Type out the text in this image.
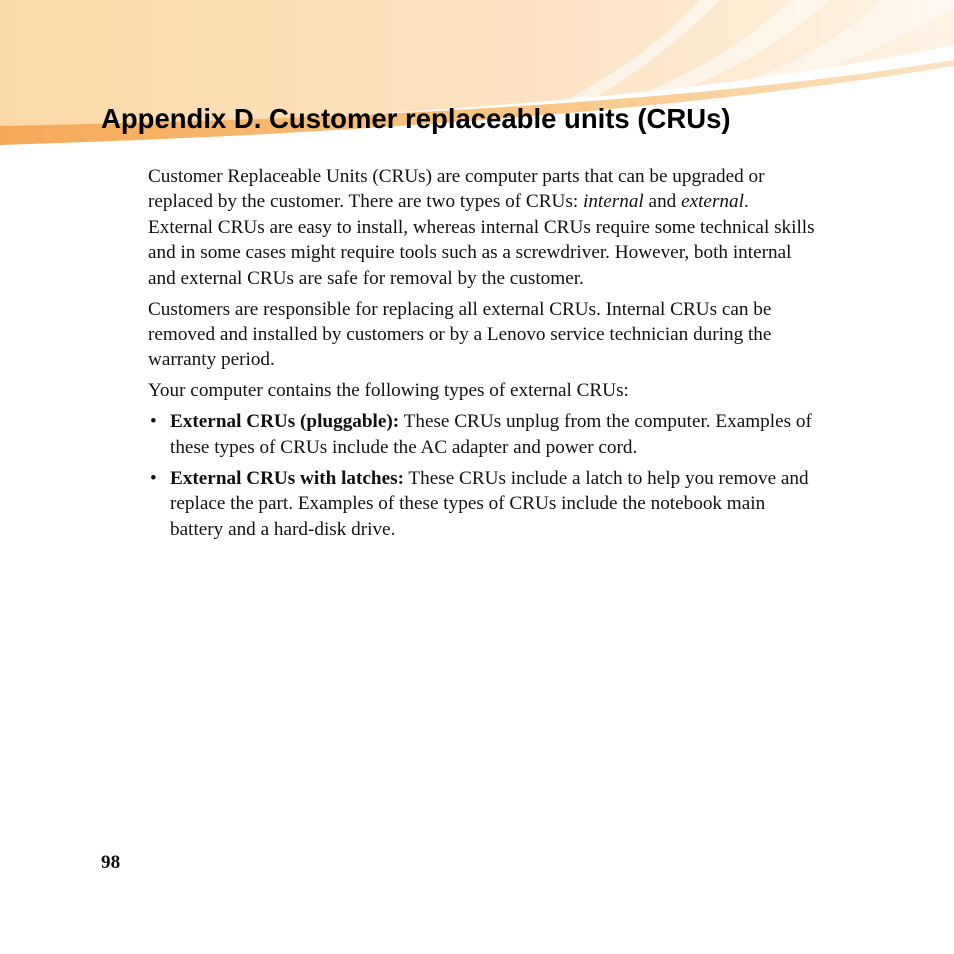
Appendix D. Customer replaceable units (CRUs)

Customer Replaceable Units (CRUs) are computer parts that can be upgraded or replaced by the customer. There are two types of CRUs: internal and external. External CRUs are easy to install, whereas internal CRUs require some technical skills and in some cases might require tools such as a screwdriver. However, both internal and external CRUs are safe for removal by the customer.

Customers are responsible for replacing all external CRUs. Internal CRUs can be removed and installed by customers or by a Lenovo service technician during the warranty period.

Your computer contains the following types of external CRUs:

• External CRUs (pluggable): These CRUs unplug from the computer. Examples of these types of CRUs include the AC adapter and power cord.
• External CRUs with latches: These CRUs include a latch to help you remove and replace the part. Examples of these types of CRUs include the notebook main battery and a hard-disk drive.
98
